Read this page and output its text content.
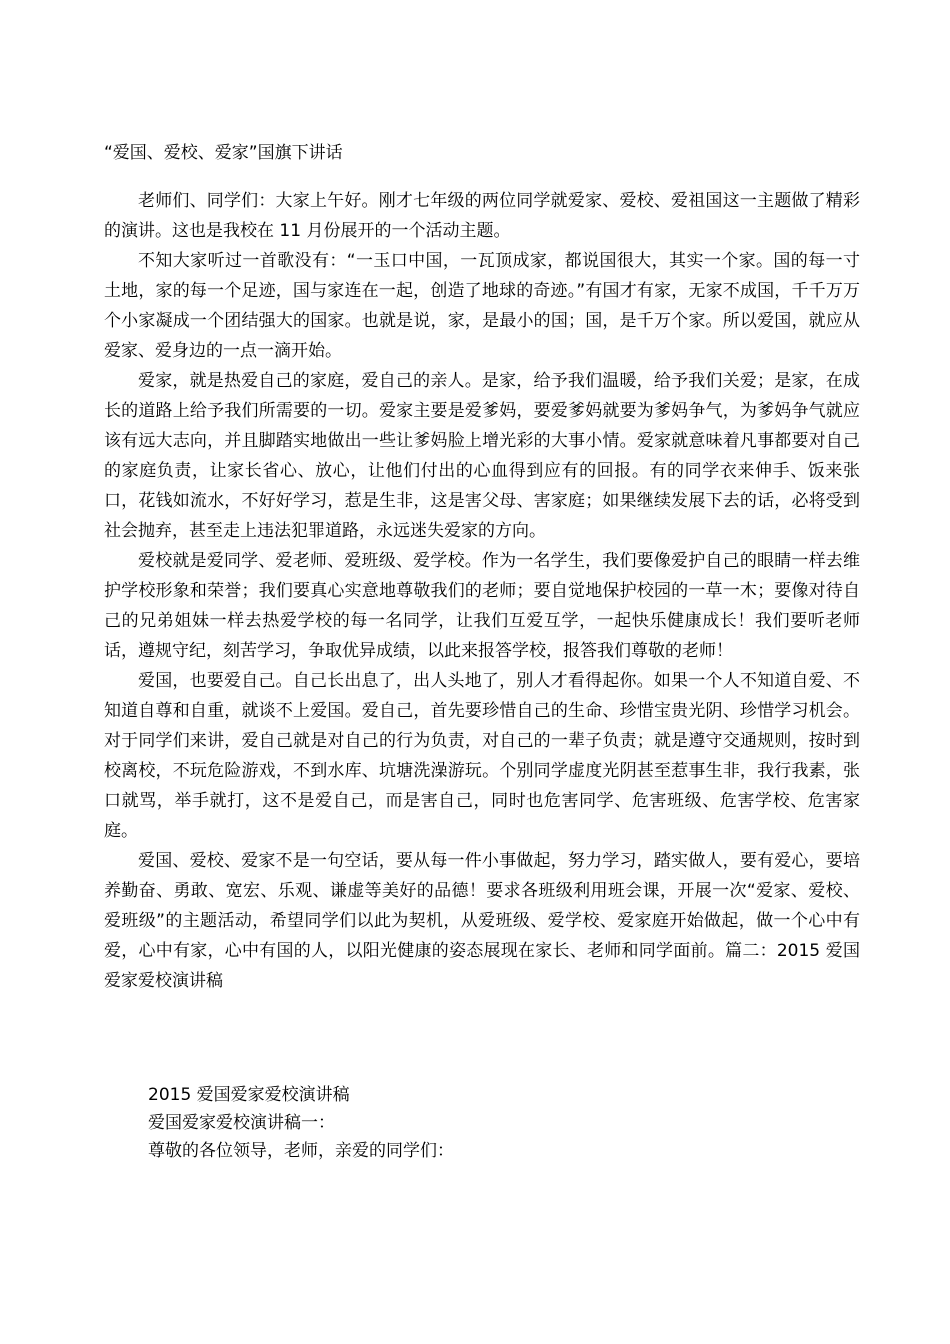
“爱国、爱校、爱家”国旗下讲话

老师们、同学们：大家上午好。刚才七年级的两位同学就爱家、爱校、爱祖国这一主题做了精彩的演讲。这也是我校在 11 月份展开的一个活动主题。

不知大家听过一首歌没有：“一玉口中国，一瓦顶成家，都说国很大，其实一个家。国的每一寸土地，家的每一个足迹，国与家连在一起，创造了地球的奇迹。”有国才有家，无家不成国，千千万万个小家凝成一个团结强大的国家。也就是说，家，是最小的国；国，是千万个家。所以爱国，就应从爱家、爱身边的一点一滴开始。

爱家，就是热爱自己的家庭，爱自己的亲人。是家，给予我们温暖，给予我们关爱；是家，在成长的道路上给予我们所需要的一切。爱家主要是爱爹妈，要爱爹妈就要为爹妈争气，为爹妈争气就应该有远大志向，并且脚踏实地做出一些让爹妈脸上增光彩的大事小情。爱家就意味着凡事都要对自己的家庭负责，让家长省心、放心，让他们付出的心血得到应有的回报。有的同学衣来伸手、饭来张口，花钱如流水，不好好学习，惹是生非，这是害父母、害家庭；如果继续发展下去的话，必将受到社会抛弃，甚至走上违法犯罪道路，永远迷失爱家的方向。

爱校就是爱同学、爱老师、爱班级、爱学校。作为一名学生，我们要像爱护自己的眼睛一样去维护学校形象和荣誉；我们要真心实意地尊敬我们的老师；要自觉地保护校园的一草一木；要像对待自己的兄弟姐妹一样去热爱学校的每一名同学，让我们互爱互学，一起快乐健康成长！我们要听老师话，遵规守纪，刻苦学习，争取优异成绩，以此来报答学校，报答我们尊敬的老师！

爱国，也要爱自己。自己长出息了，出人头地了，别人才看得起你。如果一个人不知道自爱、不知道自尊和自重，就谈不上爱国。爱自己，首先要珍惜自己的生命、珍惜宝贵光阴、珍惜学习机会。对于同学们来讲，爱自己就是对自己的行为负责，对自己的一辈子负责；就是遵守交通规则，按时到校离校，不玩危险游戏，不到水库、坑塘洗澡游玩。个别同学虚度光阴甚至惹事生非，我行我素，张口就骂，举手就打，这不是爱自己，而是害自己，同时也危害同学、危害班级、危害学校、危害家庭。

爱国、爱校、爱家不是一句空话，要从每一件小事做起，努力学习，踏实做人，要有爱心，要培养勤奋、勇敢、宽宏、乐观、谦虚等美好的品德！要求各班级利用班会课，开展一次“爱家、爱校、爱班级”的主题活动，希望同学们以此为契机，从爱班级、爱学校、爱家庭开始做起，做一个心中有爱，心中有家，心中有国的人，以阳光健康的姿态展现在家长、老师和同学面前。篇二：2015 爱国爱家爱校演讲稿

2015 爱国爱家爱校演讲稿

爱国爱家爱校演讲稿一：

尊敬的各位领导，老师，亲爱的同学们：
